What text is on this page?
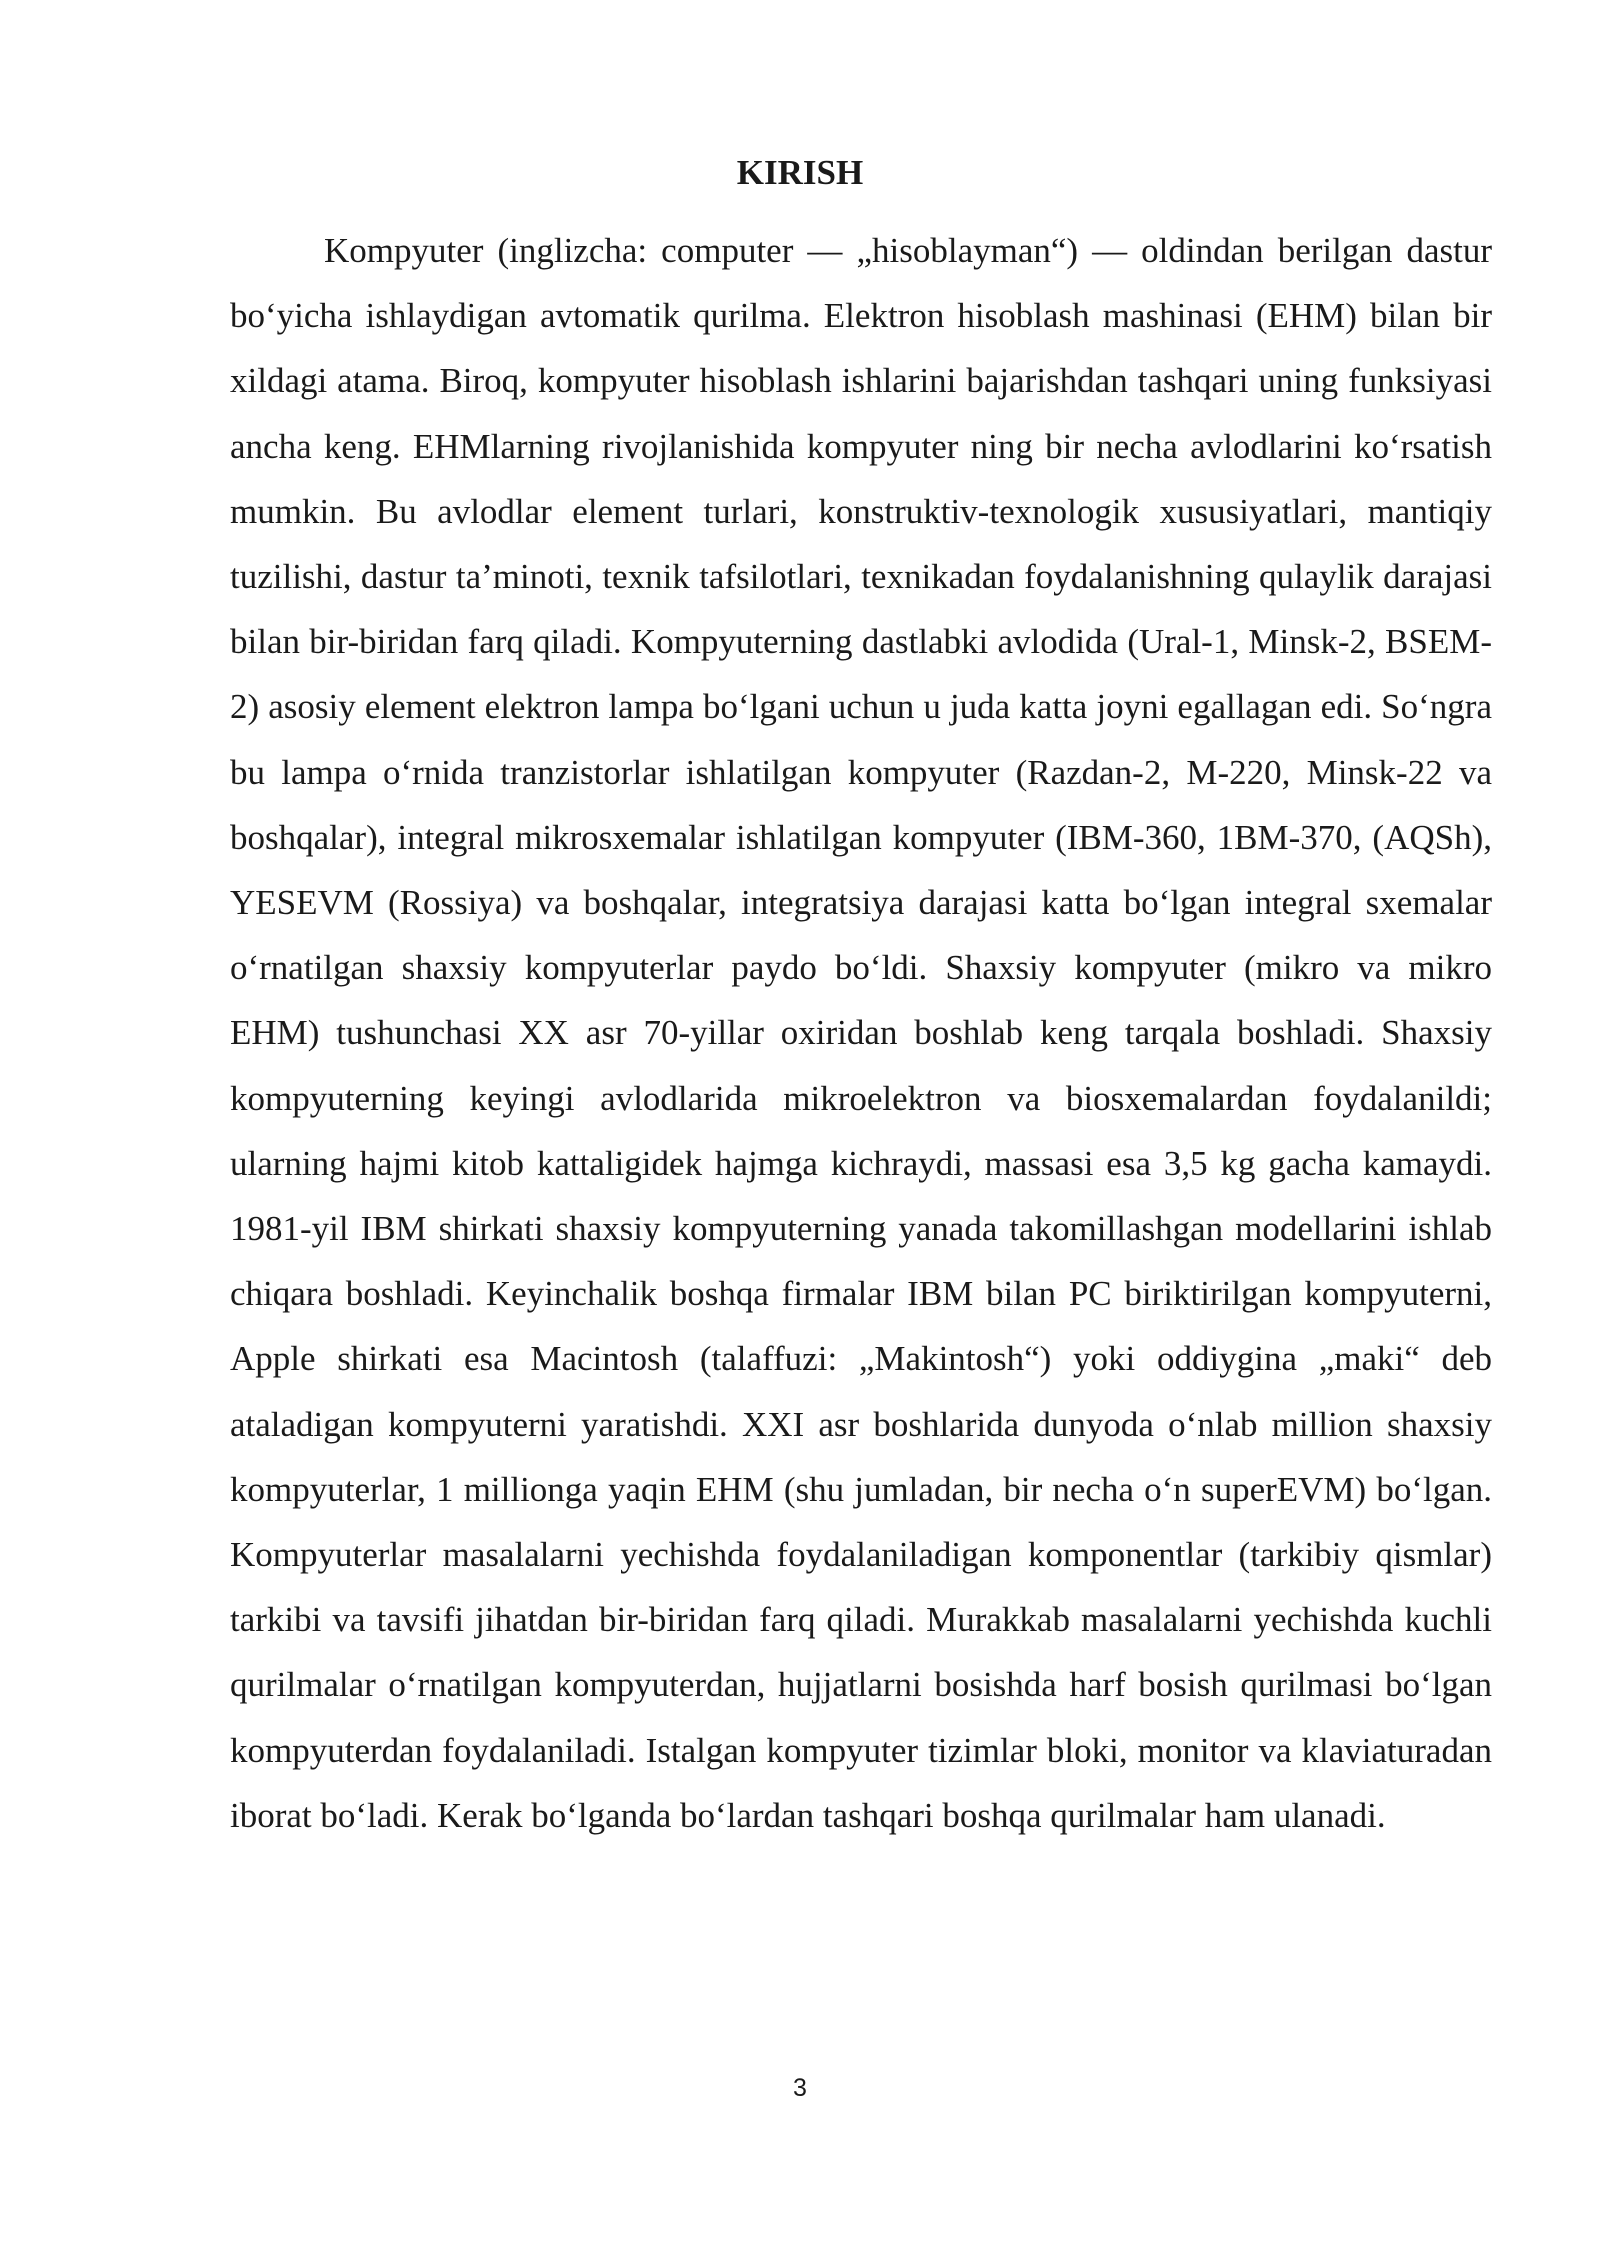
KIRISH

Kompyuter (inglizcha: computer — „hisoblayman“) — oldindan berilgan dastur bo‘yicha ishlaydigan avtomatik qurilma. Elektron hisoblash mashinasi (EHM) bilan bir xildagi atama. Biroq, kompyuter hisoblash ishlarini bajarishdan tashqari uning funksiyasi ancha keng. EHMlarning rivojlanishida kompyuter ning bir necha avlodlarini ko‘rsatish mumkin. Bu avlodlar element turlari, konstruktiv-texnologik xususiyatlari, mantiqiy tuzilishi, dastur ta’minoti, texnik tafsilotlari, texnikadan foydalanishning qulaylik darajasi bilan bir-biridan farq qiladi. Kompyuterning dastlabki avlodida (Ural-1, Minsk-2, BSEM-2) asosiy element elektron lampa bo‘lgani uchun u juda katta joyni egallagan edi. So‘ngra bu lampa o‘rnida tranzistorlar ishlatilgan kompyuter (Razdan-2, M-220, Minsk-22 va boshqalar), integral mikrosxemalar ishlatilgan kompyuter (IBM-360, 1BM-370, (AQSh), YESEVM (Rossiya) va boshqalar, integratsiya darajasi katta bo‘lgan integral sxemalar o‘rnatilgan shaxsiy kompyuterlar paydo bo‘ldi. Shaxsiy kompyuter (mikro va mikro EHM) tushunchasi XX asr 70-yillar oxiridan boshlab keng tarqala boshladi. Shaxsiy kompyuterning keyingi avlodlarida mikroelektron va biosxemalardan foydalanildi; ularning hajmi kitob kattaligidek hajmga kichraydi, massasi esa 3,5 kg gacha kamaydi. 1981-yil IBM shirkati shaxsiy kompyuterning yanada takomillashgan modellarini ishlab chiqara boshladi. Keyinchalik boshqa firmalar IBM bilan PC biriktirilgan kompyuterni, Apple shirkati esa Macintosh (talaffuzi: „Makintosh“) yoki oddiygina „maki“ deb ataladigan kompyuterni yaratishdi. XXI asr boshlarida dunyoda o‘nlab million shaxsiy kompyuterlar, 1 millionga yaqin EHM (shu jumladan, bir necha o‘n superEVM) bo‘lgan. Kompyuterlar masalalarni yechishda foydalaniladigan komponentlar (tarkibiy qismlar) tarkibi va tavsifi jihatdan bir-biridan farq qiladi. Murakkab masalalarni yechishda kuchli qurilmalar o‘rnatilgan kompyuterdan, hujjatlarni bosishda harf bosish qurilmasi bo‘lgan kompyuterdan foydalaniladi. Istalgan kompyuter tizimlar bloki, monitor va klaviaturadan iborat bo‘ladi. Kerak bo‘lganda bo‘lardan tashqari boshqa qurilmalar ham ulanadi.

3
